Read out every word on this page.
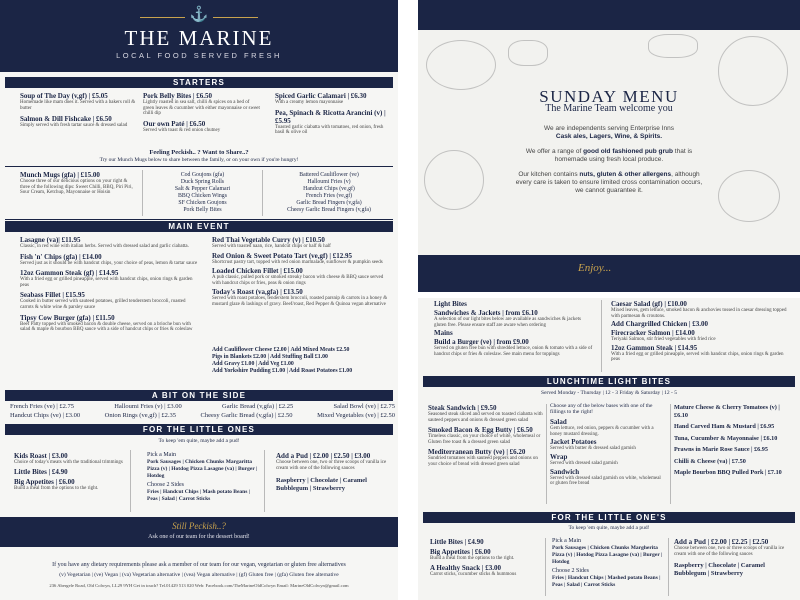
⚓
THE MARINE
LOCAL FOOD SERVED FRESH
STARTERS
Soup of The Day (v,gf) | £5.05
Homemade like mam does it. Served with a bakers roll & butter
Salmon & Dill Fishcake | £6.50
Simply served with fresh tartar sauce & dressed salad
Pork Belly Bites | £6.50
Lightly roasted in sea salt, chilli & spices on a bed of green leaves & cucumber with either mayonnaise or sweet chilli dip
Our own Paté | £6.50
Served with toast & red onion chutney
Spiced Garlic Calamari | £6.30
With a creamy lemon mayonnaise
Pea, Spinach & Ricotta Arancini (v) | £5.95
Toasted garlic ciabatta with tomatoes, red onion, fresh basil & olive oil
Feeling Peckish.. ? Want to Share..?
Try our Munch Mugs below to share between the family, or on your own if you're hungry!
Munch Mugs (gfa) | £15.00
Choose three of our delicious options on your right & three of the following dips: Sweet Chilli, BBQ, Piri Piri, Sour Cream, Ketchup, Mayonnaise or Hoisin
Cod Goujons (gfa)
Duck Spring Rolls
Salt & Pepper Calamari
BBQ Chicken Wings
SF Chicken Goujons
Pork Belly Bites
Battered Cauliflower (ve)
Halloumi Fries (v)
Handcut Chips (ve,gf)
French Fries (ve,gf)
Garlic Bread Fingers (v,gfa)
Cheesy Garlic Bread Fingers (v,gfa)
MAIN EVENT
Lasagne (va)| £11.95
Classic, in red wine with italian herbs. Served with dressed salad and garlic ciabatta.
Fish 'n' Chips (gfa) | £14.00
Served just as it should be with handcut chips, your choice of peas, lemon & tartar sauce
12oz Gammon Steak (gf) | £14.95
With a fried egg or grilled pineapple, served with handcut chips, onion rings & garden peas
Seabass Fillet | £15.95
Cooked in butter served with sauteed potatoes, grilled tenderstem broccoli, roasted carrots & white wine & parsley sauce
Tipsy Cow Burger (gfa) | £11.50
Beef Patty topped with smoked bacon & double cheese, served on a brioche bun with salad & maple & bourbon BBQ sauce with a side of handcut chips or fries & coleslaw
Red Thai Vegetable Curry (v) | £10.50
Served with toasted naan, rice, handcut chips or half & half
Red Onion & Sweet Potato Tart (ve,gf) | £12.95
Shortcrust pastry tart, topped with red onion marmalade, sunflower & pumpkin seeds
Loaded Chicken Fillet | £15.00
A pub classic, pulled pork or smoked streaky bacon with cheese & BBQ sauce served with handcut chips or fries, peas & onion rings
Today's Roast (va,gfa) | £13.50
Served with roast potatoes, tenderstem broccoli, roasted parsnip & carrots in a honey & mustard glaze & lashings of gravy. Beef/roast, Red Pepper & Quinoa vegan alternative
Add Cauliflower Cheese £2.00 | Add Mixed Meats £2.50
Pigs in Blankets £2.00 | Add Stuffing Ball £1.00
Add Gravy £1.00 | Add Veg £1.00
Add Yorkshire Pudding £1.00 | Add Roast Potatoes £1.00
A BIT ON THE SIDE
French Fries (ve) | £2.75	Halloumi Fries (v) | £3.00	Garlic Bread (v,gfa) | £2.25	Salad Bowl (ve) | £2.75
Handcut Chips (ve) | £3.00	Onion Rings (ve,gf) | £2.35	Cheesy Garlic Bread (v,gfa) | £2.50	Mixed Vegetables (ve) | £2.50
FOR THE LITTLE ONES
To keep 'em quite, maybe add a pud!
Kids Roast | £3.00
Choice of today's meats with the traditional trimmings
Little Bites | £4.90
Big Appetites | £6.00
Build a meal from the options to the right.
Pick a Main
Pork Sausages | Chicken Chunks Margaritta Pizza (v) | Hotdog Pizza Lasagne (va) | Burger | Hotdog
Choose 2 Sides
Fries | Handcut Chips | Mash potato Beans | Peas | Salad | Carrot Sticks
Add a Pud | £2.00 | £2.50 | £3.00
Choose between one, two or three scoops of vanilla ice cream with one of the following sauces
Raspberry | Chocolate | Caramel Bubblegum | Strawberry
Still Peckish..?
Ask one of our team for the dessert board!
If you have any dietary requirements please ask a member of our team for our vegan, vegetarian or gluten free alternatives
(v) Vegetarian | (ve) Vegan | (va) Vegetarian alternative | (vea) Vegan alternative | (gf) Gluten free | (gfa) Gluten free alternative
236 Abergele Road, Old Colwyn, LL29 9YH Get in touch? Tel.01429 513 020 Web: Facebook.com/TheMarineOldColwyn Email: MarineOldColwyn@gmail.com
SUNDAY MENU
The Marine Team welcome you
We are independents serving Enterprise Inns
Cask ales, Lagers, Wine, & Spirits.
We offer a range of good old fashioned pub grub that is homemade using fresh local produce.
Our kitchen contains nuts, gluten & other allergens, although every care is taken to ensure limited cross contamination occurs, we cannot guarantee it.
Enjoy...
Light Bites
Sandwiches & Jackets | from £6.10
A selection of our light bites below are available as sandwiches & jackets gluten free. Please ensure staff are aware when ordering
Mains
Build a Burger (ve) | from £9.00
Served on gluten free bun with shredded lettuce, onion & tomato with a side of handcut chips or fries & coleslaw. See main menu for toppings
Caesar Salad (gf) | £10.00
Mixed leaves, gem lettuce, smoked bacon & anchovies tossed in caesar dressing topped with parmesan & croutons.
Add Chargrilled Chicken | £3.00
Firecracker Salmon | £14.00
Teriyaki Salmon, stir fried vegetables with fried rice
12oz Gammon Steak | £14.95
With a fried egg or grilled pineapple, served with handcut chips, onion rings & garden peas
LUNCHTIME LIGHT BITES
Served Monday - Thursday | 12 - 3 Friday & Saturday | 12 - 5
Steak Sandwich | £9.50
Seasoned steak sliced and served on toasted ciabatta with sauteed peppers and onions & dressed green salad
Smoked Bacon & Egg Butty | £6.50
Timeless classic, on your choice of white, wholemeal or Gluten free toast & a dressed green salad
Mediterranean Butty (ve) | £6.20
Sundried tomatoes with sauteed peppers and onions on your choice of bread with dressed green salad
Choose any of the below bases with one of the fillings to the right!
Salad
Gem lettuce, red onion, peppers & cucumber with a honey mustard dressing.
Jacket Potatoes
Served with butter & dressed salad garnish
Wrap
Served with dressed salad garnish
Sandwich
Served with dressed salad garnish on white, wholemeal or gluten free bread
Mature Cheese & Cherry Tomatoes (v) | £6.10
Hand Carved Ham & Mustard | £6.95
Tuna, Cucumber & Mayonnaise | £6.10
Prawns in Marie Rose Sauce | £6.95
Chilli & Cheese (va) | £7.50
Maple Bourbon BBQ Pulled Pork | £7.10
FOR THE LITTLE ONE'S
To keep 'em quite, maybe add a pud!
Little Bites | £4.90
Big Appetites | £6.00
Build a meal from the options to the right.
A Healthy Snack | £3.00
Carrot sticks, cucumber sticks & hummous
Pick a Main
Pork Sausages | Chicken Chunks Margherita Pizza (v) | Hotdog Pizza Lasagne (va) | Burger | Hotdog
Choose 2 Sides
Fries | Handcut Chips | Mashed potato Beans | Peas | Salad | Carrot Sticks
Add a Pud | £2.00 | £2.25 | £2.50
Choose between one, two or three scoops of vanilla ice cream with one of the following sauces
Raspberry | Chocolate | Caramel Bubblegum | Strawberry
